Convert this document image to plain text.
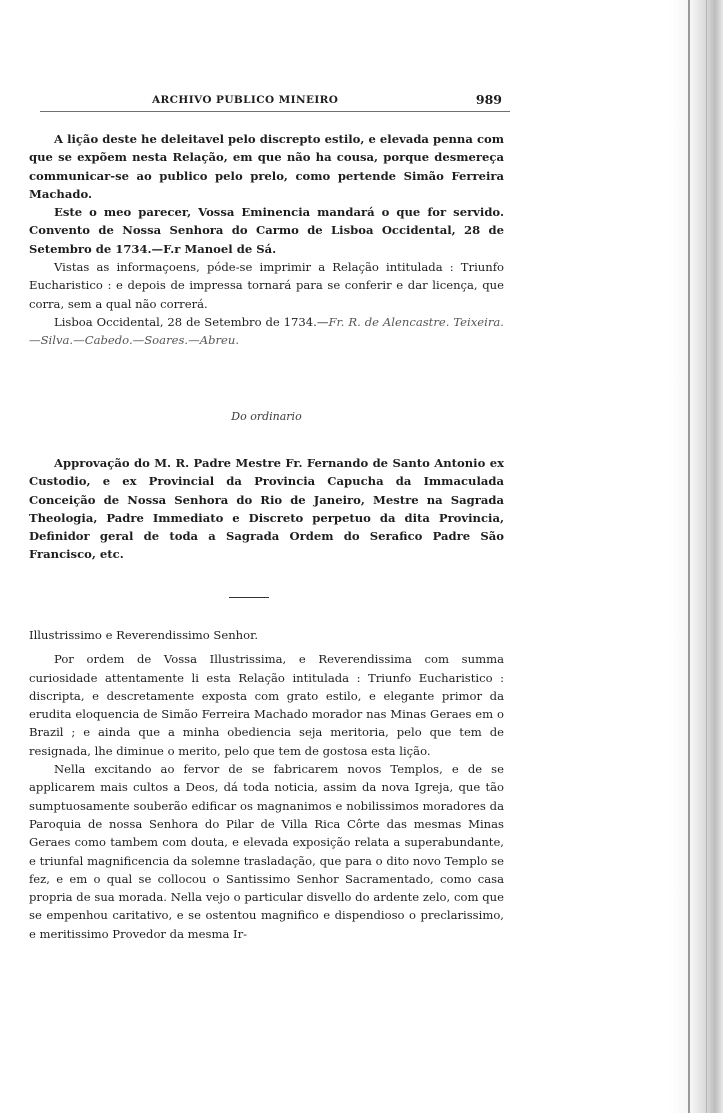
ARCHIVO PUBLICO MINEIRO	989

A lição deste he deleitavel pelo discrepto estilo, e elevada penna com que se expõem nesta Relação, em que não ha cousa, porque desmereça communicar-se ao publico pelo prelo, como pertende Simão Ferreira Machado.

Este o meo parecer, Vossa Eminencia mandará o que for servido. Convento de Nossa Senhora do Carmo de Lisboa Occidental, 28 de Setembro de 1734.—F.r Manoel de Sá.

Vistas as informaçoens, póde-se imprimir a Relação intitulada : Triunfo Eucharistico : e depois de impressa tornará para se conferir e dar licença, que corra, sem a qual não correrá.

Lisboa Occidental, 28 de Setembro de 1734.—Fr. R. de Alencastre. Teixeira.—Silva.—Cabedo.—Soares.—Abreu.

Do ordinario

Approvação do M. R. Padre Mestre Fr. Fernando de Santo Antonio ex Custodio, e ex Provincial da Provincia Capucha da Immaculada Conceição de Nossa Senhora do Rio de Janeiro, Mestre na Sagrada Theologia, Padre Immediato e Discreto perpetuo da dita Provincia, Definidor geral de toda a Sagrada Ordem do Serafico Padre São Francisco, etc.

Illustrissimo e Reverendissimo Senhor.

Por ordem de Vossa Illustrissima, e Reverendissima com summa curiosidade attentamente li esta Relação intitulada : Triunfo Eucharistico : discripta, e descretamente exposta com grato estilo, e elegante primor da erudita eloquencia de Simão Ferreira Machado morador nas Minas Geraes em o Brazil ; e ainda que a minha obediencia seja meritoria, pelo que tem de resignada, lhe diminue o merito, pelo que tem de gostosa esta lição.

Nella excitando ao fervor de se fabricarem novos Templos, e de se applicarem mais cultos a Deos, dá toda noticia, assim da nova Igreja, que tão sumptuosamente souberão edificar os magnanimos e nobilissimos moradores da Paroquia de nossa Senhora do Pilar de Villa Rica Côrte das mesmas Minas Geraes como tambem com douta, e elevada exposição relata a superabundante, e triunfal magnificencia da solemne trasladação, que para o dito novo Templo se fez, e em o qual se collocou o Santissimo Senhor Sacramentado, como casa propria de sua morada. Nella vejo o particular disvello do ardente zelo, com que se empenhou caritativo, e se ostentou magnifico e dispendioso o preclarissimo, e meritissimo Provedor da mesma Ir-
